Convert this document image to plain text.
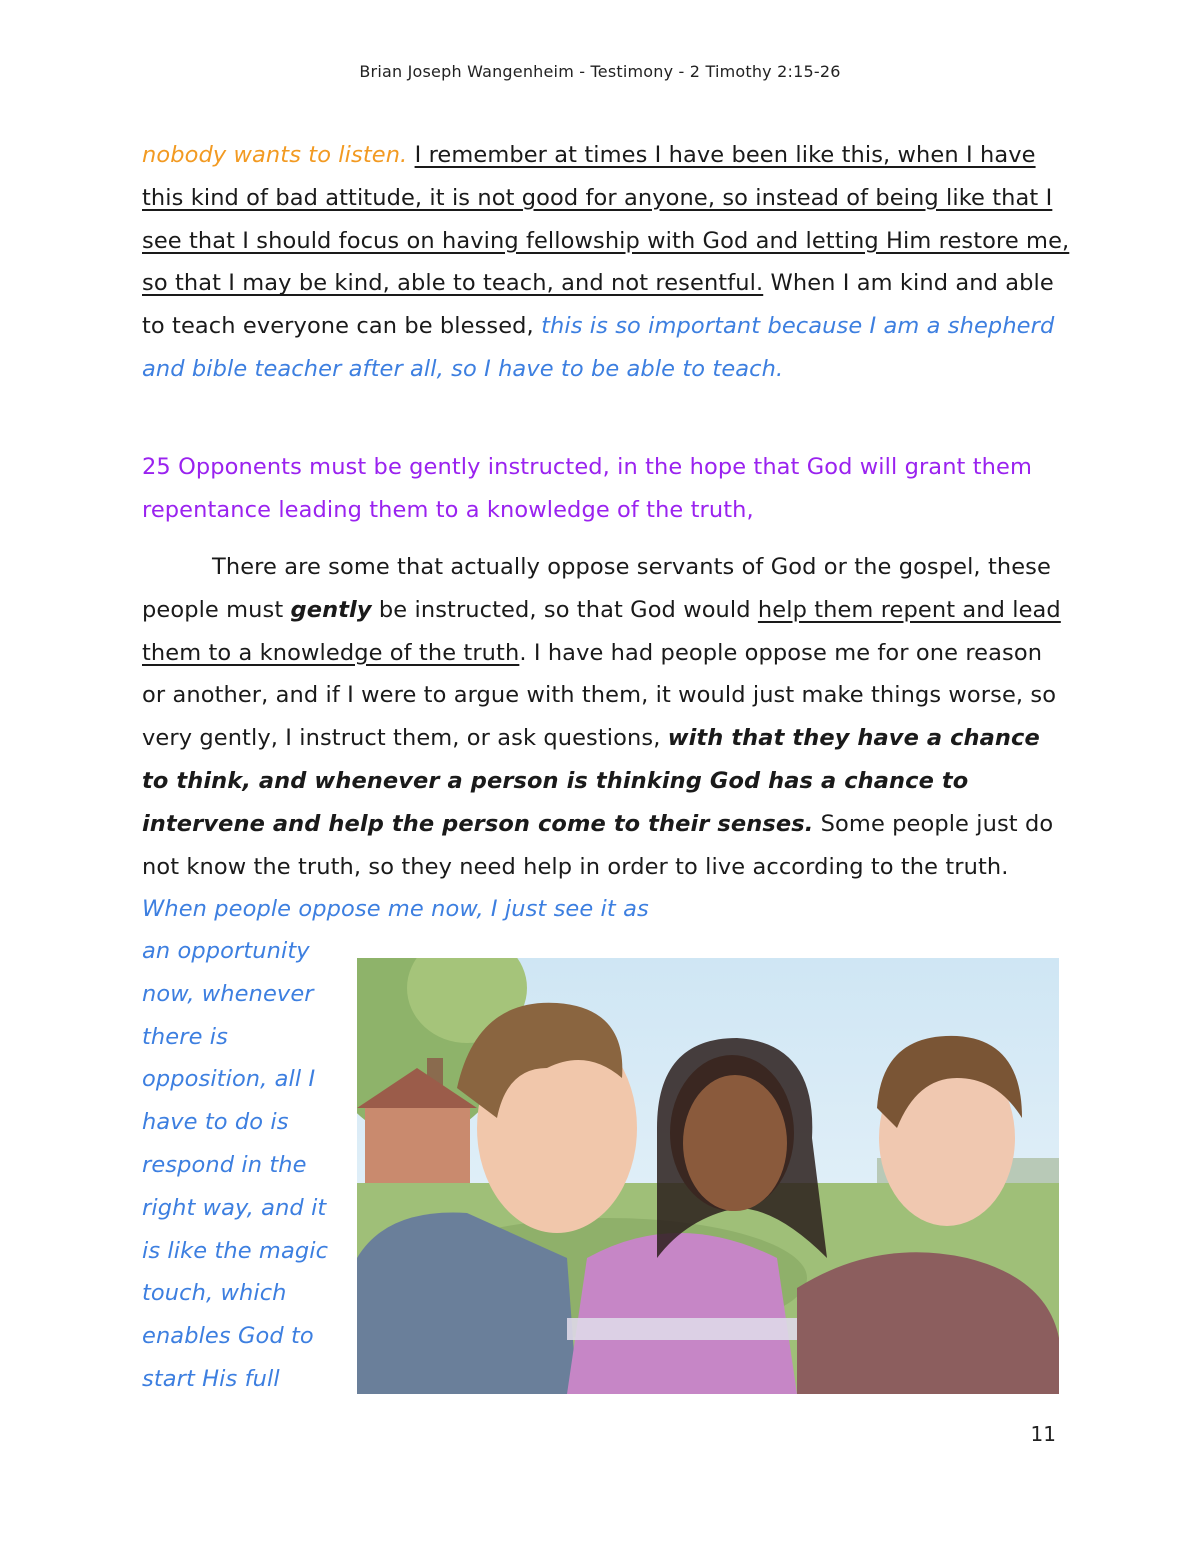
Brian Joseph Wangenheim - Testimony - 2 Timothy 2:15-26
nobody wants to listen. I remember at times I have been like this, when I have this kind of bad attitude, it is not good for anyone, so instead of being like that I see that I should focus on having fellowship with God and letting Him restore me, so that I may be kind, able to teach, and not resentful. When I am kind and able to teach everyone can be blessed, this is so important because I am a shepherd and bible teacher after all, so I have to be able to teach.
25 Opponents must be gently instructed, in the hope that God will grant them repentance leading them to a knowledge of the truth,
There are some that actually oppose servants of God or the gospel, these people must gently be instructed, so that God would help them repent and lead them to a knowledge of the truth. I have had people oppose me for one reason or another, and if I were to argue with them, it would just make things worse, so very gently, I instruct them, or ask questions, with that they have a chance to think, and whenever a person is thinking God has a chance to intervene and help the person come to their senses. Some people just do not know the truth, so they need help in order to live according to the truth. When people oppose me now, I just see it as
an opportunity
now, whenever
there is
opposition, all I
have to do is
respond in the
right way, and it
is like the magic
touch, which
enables God to
start His full
11
